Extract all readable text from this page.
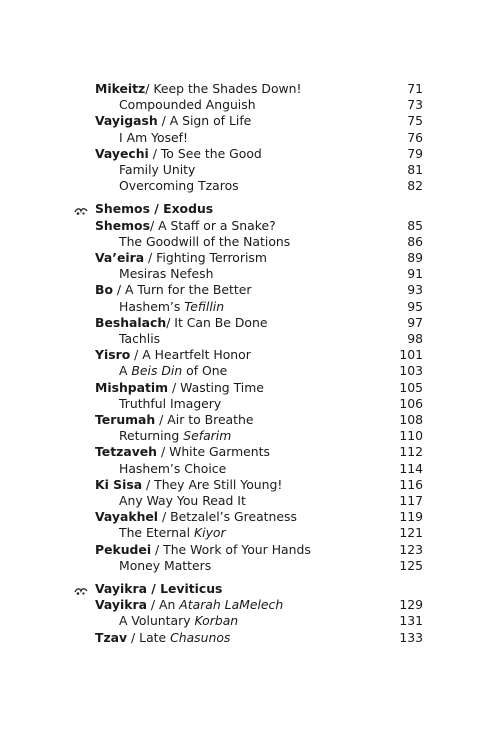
Mikeitz/ Keep the Shades Down!	71
Compounded Anguish	73
Vayigash / A Sign of Life	75
I Am Yosef!	76
Vayechi / To See the Good	79
Family Unity	81
Overcoming Tzaros	82
Shemos / Exodus
Shemos/ A Staff or a Snake?	85
The Goodwill of the Nations	86
Va’eira / Fighting Terrorism	89
Mesiras Nefesh	91
Bo / A Turn for the Better	93
Hashem’s Tefillin	95
Beshalach/ It Can Be Done	97
Tachlis	98
Yisro / A Heartfelt Honor	101
A Beis Din of One	103
Mishpatim / Wasting Time	105
Truthful Imagery	106
Terumah / Air to Breathe	108
Returning Sefarim	110
Tetzaveh / White Garments	112
Hashem’s Choice	114
Ki Sisa / They Are Still Young!	116
Any Way You Read It	117
Vayakhel / Betzalel’s Greatness	119
The Eternal Kiyor	121
Pekudei / The Work of Your Hands	123
Money Matters	125
Vayikra / Leviticus
Vayikra / An Atarah LaMelech	129
A Voluntary Korban	131
Tzav / Late Chasunos	133
